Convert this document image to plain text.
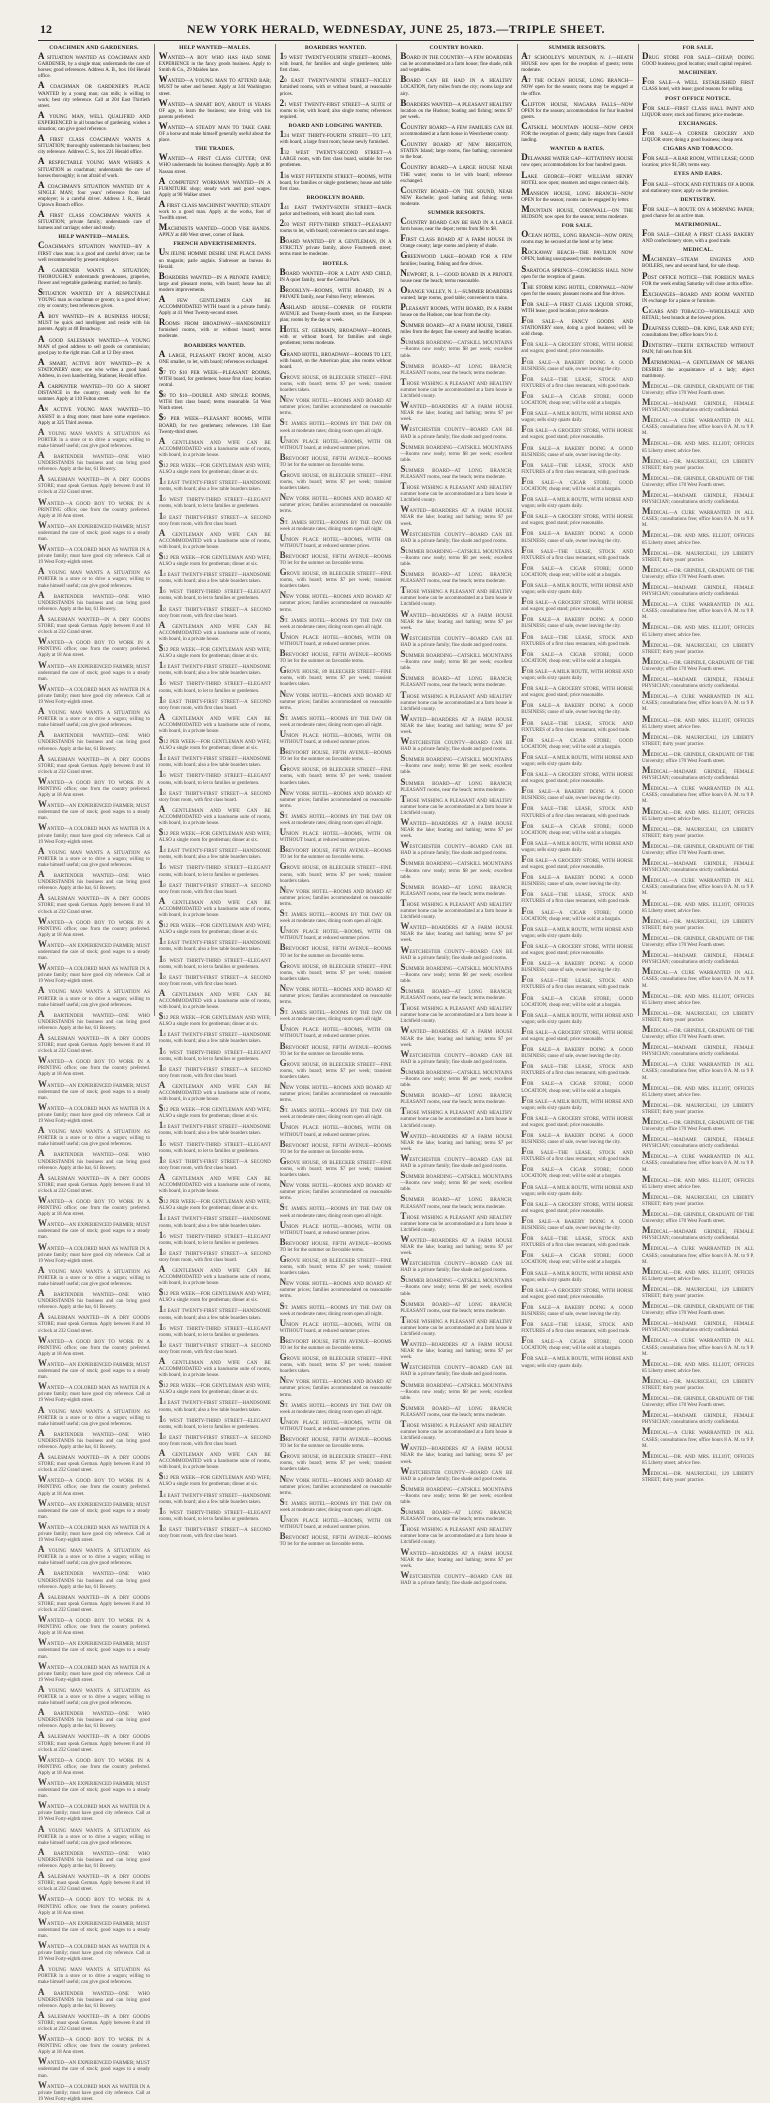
12	NEW YORK HERALD, WEDNESDAY, JUNE 25, 1873.—TRIPLE SHEET.
COACHMEN AND GARDENERS.
A SITUATION WANTED AS COACHMAN AND GARDENER, by a single man; understands the care of horses; good references. Address A. B., box 104 Herald office.
A COACHMAN OR GARDENER'S PLACE WANTED by a young man; can milk; is willing to work; best city reference. Call at 204 East Thirtieth street.
A YOUNG MAN, WELL QUALIFIED AND EXPERIENCED in all branches of gardening, wishes a situation; can give good reference.
A FIRST CLASS COACHMAN WANTS A SITUATION; thoroughly understands his business; best city reference. Address C. S., box 221 Herald office.
A RESPECTABLE YOUNG MAN WISHES A SITUATION as coachman; understands the care of horses thoroughly; is not afraid of work.
A COACHMAN'S SITUATION WANTED BY A SINGLE MAN; four years' reference from last employer; is a careful driver. Address J. R., Herald Uptown Branch office.
A FIRST CLASS COACHMAN WANTS A SITUATION; private family; understands care of harness and carriage; sober and steady.
HELP WANTED—MALES.
COACHMAN'S SITUATION WANTED—BY A FIRST class man; is a good and careful driver; can be well recommended by present employer.
A GARDENER WANTS A SITUATION; THOROUGHLY understands greenhouses, graperies, flower and vegetable gardening; married; no family.
SITUATION WANTED BY A RESPECTABLE YOUNG man as coachman or groom; is a good driver; city or country; best references given.
A BOY WANTED—IN A BUSINESS HOUSE; MUST be quick and intelligent and reside with his parents. Apply at 40 Broadway.
A GOOD SALESMAN WANTED—A YOUNG MAN of good address to sell goods on commission; good pay to the right man. Call at 12 Dey street.
A SMART, ACTIVE BOY WANTED—IN A STATIONERY store; one who writes a good hand. Address, in own handwriting, Stationer, Herald office.
A CARPENTER WANTED—TO GO A SHORT DISTANCE in the country; steady work for the summer. Apply at 110 Fulton street.
AN ACTIVE YOUNG MAN WANTED—TO ASSIST in a drug store; must have some experience. Apply at 325 Third avenue.

A YOUNG MAN WANTS A SITUATION AS PORTER in a store or to drive a wagon; willing to make himself useful; can give good references.

A BARTENDER WANTED—ONE WHO UNDERSTANDS his business and can bring good reference. Apply at the bar, 61 Bowery.

A SALESMAN WANTED—IN A DRY GOODS STORE; must speak German. Apply between 8 and 10 o'clock at 232 Grand street.

WANTED—A GOOD BOY TO WORK IN A PRINTING office; one from the country preferred. Apply at 18 Ann street.

WANTED—AN EXPERIENCED FARMER; MUST understand the care of stock; good wages to a steady man.

WANTED—A COLORED MAN AS WAITER IN A private family; must have good city reference. Call at 19 West Forty-eighth street.

A YOUNG MAN WANTS A SITUATION AS PORTER in a store or to drive a wagon; willing to make himself useful; can give good references.

A BARTENDER WANTED—ONE WHO UNDERSTANDS his business and can bring good reference. Apply at the bar, 61 Bowery.

A SALESMAN WANTED—IN A DRY GOODS STORE; must speak German. Apply between 8 and 10 o'clock at 232 Grand street.

WANTED—A GOOD BOY TO WORK IN A PRINTING office; one from the country preferred. Apply at 18 Ann street.

WANTED—AN EXPERIENCED FARMER; MUST understand the care of stock; good wages to a steady man.

WANTED—A COLORED MAN AS WAITER IN A private family; must have good city reference. Call at 19 West Forty-eighth street.

A YOUNG MAN WANTS A SITUATION AS PORTER in a store or to drive a wagon; willing to make himself useful; can give good references.

A BARTENDER WANTED—ONE WHO UNDERSTANDS his business and can bring good reference. Apply at the bar, 61 Bowery.

A SALESMAN WANTED—IN A DRY GOODS STORE; must speak German. Apply between 8 and 10 o'clock at 232 Grand street.

WANTED—A GOOD BOY TO WORK IN A PRINTING office; one from the country preferred. Apply at 18 Ann street.

WANTED—AN EXPERIENCED FARMER; MUST understand the care of stock; good wages to a steady man.

WANTED—A COLORED MAN AS WAITER IN A private family; must have good city reference. Call at 19 West Forty-eighth street.

A YOUNG MAN WANTS A SITUATION AS PORTER in a store or to drive a wagon; willing to make himself useful; can give good references.

A BARTENDER WANTED—ONE WHO UNDERSTANDS his business and can bring good reference. Apply at the bar, 61 Bowery.

A SALESMAN WANTED—IN A DRY GOODS STORE; must speak German. Apply between 8 and 10 o'clock at 232 Grand street.

WANTED—A GOOD BOY TO WORK IN A PRINTING office; one from the country preferred. Apply at 18 Ann street.

WANTED—AN EXPERIENCED FARMER; MUST understand the care of stock; good wages to a steady man.

WANTED—A COLORED MAN AS WAITER IN A private family; must have good city reference. Call at 19 West Forty-eighth street.

A YOUNG MAN WANTS A SITUATION AS PORTER in a store or to drive a wagon; willing to make himself useful; can give good references.

A BARTENDER WANTED—ONE WHO UNDERSTANDS his business and can bring good reference. Apply at the bar, 61 Bowery.

A SALESMAN WANTED—IN A DRY GOODS STORE; must speak German. Apply between 8 and 10 o'clock at 232 Grand street.

WANTED—A GOOD BOY TO WORK IN A PRINTING office; one from the country preferred. Apply at 18 Ann street.

WANTED—AN EXPERIENCED FARMER; MUST understand the care of stock; good wages to a steady man.

WANTED—A COLORED MAN AS WAITER IN A private family; must have good city reference. Call at 19 West Forty-eighth street.

A YOUNG MAN WANTS A SITUATION AS PORTER in a store or to drive a wagon; willing to make himself useful; can give good references.

A BARTENDER WANTED—ONE WHO UNDERSTANDS his business and can bring good reference. Apply at the bar, 61 Bowery.

A SALESMAN WANTED—IN A DRY GOODS STORE; must speak German. Apply between 8 and 10 o'clock at 232 Grand street.

WANTED—A GOOD BOY TO WORK IN A PRINTING office; one from the country preferred. Apply at 18 Ann street.

WANTED—AN EXPERIENCED FARMER; MUST understand the care of stock; good wages to a steady man.

WANTED—A COLORED MAN AS WAITER IN A private family; must have good city reference. Call at 19 West Forty-eighth street.

A YOUNG MAN WANTS A SITUATION AS PORTER in a store or to drive a wagon; willing to make himself useful; can give good references.

A BARTENDER WANTED—ONE WHO UNDERSTANDS his business and can bring good reference. Apply at the bar, 61 Bowery.

A SALESMAN WANTED—IN A DRY GOODS STORE; must speak German. Apply between 8 and 10 o'clock at 232 Grand street.

WANTED—A GOOD BOY TO WORK IN A PRINTING office; one from the country preferred. Apply at 18 Ann street.

WANTED—AN EXPERIENCED FARMER; MUST understand the care of stock; good wages to a steady man.

WANTED—A COLORED MAN AS WAITER IN A private family; must have good city reference. Call at 19 West Forty-eighth street.

A YOUNG MAN WANTS A SITUATION AS PORTER in a store or to drive a wagon; willing to make himself useful; can give good references.

A BARTENDER WANTED—ONE WHO UNDERSTANDS his business and can bring good reference. Apply at the bar, 61 Bowery.

A SALESMAN WANTED—IN A DRY GOODS STORE; must speak German. Apply between 8 and 10 o'clock at 232 Grand street.

WANTED—A GOOD BOY TO WORK IN A PRINTING office; one from the country preferred. Apply at 18 Ann street.

WANTED—AN EXPERIENCED FARMER; MUST understand the care of stock; good wages to a steady man.

WANTED—A COLORED MAN AS WAITER IN A private family; must have good city reference. Call at 19 West Forty-eighth street.

A YOUNG MAN WANTS A SITUATION AS PORTER in a store or to drive a wagon; willing to make himself useful; can give good references.

A BARTENDER WANTED—ONE WHO UNDERSTANDS his business and can bring good reference. Apply at the bar, 61 Bowery.

A SALESMAN WANTED—IN A DRY GOODS STORE; must speak German. Apply between 8 and 10 o'clock at 232 Grand street.

WANTED—A GOOD BOY TO WORK IN A PRINTING office; one from the country preferred. Apply at 18 Ann street.

WANTED—AN EXPERIENCED FARMER; MUST understand the care of stock; good wages to a steady man.

WANTED—A COLORED MAN AS WAITER IN A private family; must have good city reference. Call at 19 West Forty-eighth street.

A YOUNG MAN WANTS A SITUATION AS PORTER in a store or to drive a wagon; willing to make himself useful; can give good references.

A BARTENDER WANTED—ONE WHO UNDERSTANDS his business and can bring good reference. Apply at the bar, 61 Bowery.

A SALESMAN WANTED—IN A DRY GOODS STORE; must speak German. Apply between 8 and 10 o'clock at 232 Grand street.

WANTED—A GOOD BOY TO WORK IN A PRINTING office; one from the country preferred. Apply at 18 Ann street.

WANTED—AN EXPERIENCED FARMER; MUST understand the care of stock; good wages to a steady man.

WANTED—A COLORED MAN AS WAITER IN A private family; must have good city reference. Call at 19 West Forty-eighth street.

A YOUNG MAN WANTS A SITUATION AS PORTER in a store or to drive a wagon; willing to make himself useful; can give good references.

A BARTENDER WANTED—ONE WHO UNDERSTANDS his business and can bring good reference. Apply at the bar, 61 Bowery.

A SALESMAN WANTED—IN A DRY GOODS STORE; must speak German. Apply between 8 and 10 o'clock at 232 Grand street.

WANTED—A GOOD BOY TO WORK IN A PRINTING office; one from the country preferred. Apply at 18 Ann street.

WANTED—AN EXPERIENCED FARMER; MUST understand the care of stock; good wages to a steady man.

WANTED—A COLORED MAN AS WAITER IN A private family; must have good city reference. Call at 19 West Forty-eighth street.

A YOUNG MAN WANTS A SITUATION AS PORTER in a store or to drive a wagon; willing to make himself useful; can give good references.

A BARTENDER WANTED—ONE WHO UNDERSTANDS his business and can bring good reference. Apply at the bar, 61 Bowery.

A SALESMAN WANTED—IN A DRY GOODS STORE; must speak German. Apply between 8 and 10 o'clock at 232 Grand street.

WANTED—A GOOD BOY TO WORK IN A PRINTING office; one from the country preferred. Apply at 18 Ann street.

WANTED—AN EXPERIENCED FARMER; MUST understand the care of stock; good wages to a steady man.

WANTED—A COLORED MAN AS WAITER IN A private family; must have good city reference. Call at 19 West Forty-eighth street.

HELP WANTED—MALES.
WANTED—A BOY WHO HAS HAD SOME EXPERIENCE in the fancy goods business. Apply to Smith & Co., 29 Maiden lane.
WANTED—A YOUNG MAN TO ATTEND BAR; MUST be sober and honest. Apply at 344 Washington street.
WANTED—A SMART BOY, ABOUT 16 YEARS OF age, to learn the business; one living with his parents preferred.
WANTED—A STEADY MAN TO TAKE CARE OF a horse and make himself generally useful about the place.
THE TRADES.
WANTED—A FIRST CLASS CUTTER; ONE WHO understands his business thoroughly. Apply at 86 Nassau street.
A COMPETENT WORKMAN WANTED—IN A FURNITURE shop; steady work and good wages. Apply at 90 Walker street.
A FIRST CLASS MACHINIST WANTED; STEADY work to a good man. Apply at the works, foot of Twelfth street.
MACHINISTS WANTED—GOOD VISE HANDS. APPLY at 480 West street, corner of Bank.
FRENCH ADVERTISEMENTS.
UN JEUNE HOMME DESIRE UNE PLACE DANS un magasin; parle anglais. S'adresser au bureau du Herald.
BOARDERS WANTED—IN A PRIVATE FAMILY; large and pleasant rooms, with board; house has all modern improvements.
A FEW GENTLEMEN CAN BE ACCOMMODATED WITH board in a private family. Apply at 41 West Twenty-second street.
ROOMS FROM BROADWAY—HANDSOMELY furnished rooms, with or without board; terms moderate.
BOARDERS WANTED.
A LARGE, PLEASANT FRONT ROOM, ALSO ONE smaller, to let, with board; references exchanged.
$7 TO $10 PER WEEK—PLEASANT ROOMS, WITH board, for gentlemen; house first class; location central.
$8 TO $10—DOUBLE AND SINGLE ROOMS, WITH first class board; terms reasonable. 54 West Ninth street.
$9 PER WEEK—PLEASANT ROOMS, WITH BOARD, for two gentlemen; references. 118 East Twenty-third street.

A GENTLEMAN AND WIFE CAN BE ACCOMMODATED with a handsome suite of rooms, with board, in a private house.

$12 PER WEEK—FOR GENTLEMAN AND WIFE; ALSO a single room for gentleman; dinner at six.

14 EAST TWENTY-FIRST STREET—HANDSOME rooms, with board; also a few table boarders taken.

16 WEST THIRTY-THIRD STREET—ELEGANT rooms, with board, to let to families or gentlemen.

18 EAST THIRTY-FIRST STREET—A SECOND story front room, with first class board.

A GENTLEMAN AND WIFE CAN BE ACCOMMODATED with a handsome suite of rooms, with board, in a private house.

$12 PER WEEK—FOR GENTLEMAN AND WIFE; ALSO a single room for gentleman; dinner at six.

14 EAST TWENTY-FIRST STREET—HANDSOME rooms, with board; also a few table boarders taken.

16 WEST THIRTY-THIRD STREET—ELEGANT rooms, with board, to let to families or gentlemen.

18 EAST THIRTY-FIRST STREET—A SECOND story front room, with first class board.

A GENTLEMAN AND WIFE CAN BE ACCOMMODATED with a handsome suite of rooms, with board, in a private house.

$12 PER WEEK—FOR GENTLEMAN AND WIFE; ALSO a single room for gentleman; dinner at six.

14 EAST TWENTY-FIRST STREET—HANDSOME rooms, with board; also a few table boarders taken.

16 WEST THIRTY-THIRD STREET—ELEGANT rooms, with board, to let to families or gentlemen.

18 EAST THIRTY-FIRST STREET—A SECOND story front room, with first class board.

A GENTLEMAN AND WIFE CAN BE ACCOMMODATED with a handsome suite of rooms, with board, in a private house.

$12 PER WEEK—FOR GENTLEMAN AND WIFE; ALSO a single room for gentleman; dinner at six.

14 EAST TWENTY-FIRST STREET—HANDSOME rooms, with board; also a few table boarders taken.

16 WEST THIRTY-THIRD STREET—ELEGANT rooms, with board, to let to families or gentlemen.

18 EAST THIRTY-FIRST STREET—A SECOND story front room, with first class board.

A GENTLEMAN AND WIFE CAN BE ACCOMMODATED with a handsome suite of rooms, with board, in a private house.

$12 PER WEEK—FOR GENTLEMAN AND WIFE; ALSO a single room for gentleman; dinner at six.

14 EAST TWENTY-FIRST STREET—HANDSOME rooms, with board; also a few table boarders taken.

16 WEST THIRTY-THIRD STREET—ELEGANT rooms, with board, to let to families or gentlemen.

18 EAST THIRTY-FIRST STREET—A SECOND story front room, with first class board.

A GENTLEMAN AND WIFE CAN BE ACCOMMODATED with a handsome suite of rooms, with board, in a private house.

$12 PER WEEK—FOR GENTLEMAN AND WIFE; ALSO a single room for gentleman; dinner at six.

14 EAST TWENTY-FIRST STREET—HANDSOME rooms, with board; also a few table boarders taken.

16 WEST THIRTY-THIRD STREET—ELEGANT rooms, with board, to let to families or gentlemen.

18 EAST THIRTY-FIRST STREET—A SECOND story front room, with first class board.

A GENTLEMAN AND WIFE CAN BE ACCOMMODATED with a handsome suite of rooms, with board, in a private house.

$12 PER WEEK—FOR GENTLEMAN AND WIFE; ALSO a single room for gentleman; dinner at six.

14 EAST TWENTY-FIRST STREET—HANDSOME rooms, with board; also a few table boarders taken.

16 WEST THIRTY-THIRD STREET—ELEGANT rooms, with board, to let to families or gentlemen.

18 EAST THIRTY-FIRST STREET—A SECOND story front room, with first class board.

A GENTLEMAN AND WIFE CAN BE ACCOMMODATED with a handsome suite of rooms, with board, in a private house.

$12 PER WEEK—FOR GENTLEMAN AND WIFE; ALSO a single room for gentleman; dinner at six.

14 EAST TWENTY-FIRST STREET—HANDSOME rooms, with board; also a few table boarders taken.

16 WEST THIRTY-THIRD STREET—ELEGANT rooms, with board, to let to families or gentlemen.

18 EAST THIRTY-FIRST STREET—A SECOND story front room, with first class board.

A GENTLEMAN AND WIFE CAN BE ACCOMMODATED with a handsome suite of rooms, with board, in a private house.

$12 PER WEEK—FOR GENTLEMAN AND WIFE; ALSO a single room for gentleman; dinner at six.

14 EAST TWENTY-FIRST STREET—HANDSOME rooms, with board; also a few table boarders taken.

16 WEST THIRTY-THIRD STREET—ELEGANT rooms, with board, to let to families or gentlemen.

18 EAST THIRTY-FIRST STREET—A SECOND story front room, with first class board.

A GENTLEMAN AND WIFE CAN BE ACCOMMODATED with a handsome suite of rooms, with board, in a private house.

$12 PER WEEK—FOR GENTLEMAN AND WIFE; ALSO a single room for gentleman; dinner at six.

14 EAST TWENTY-FIRST STREET—HANDSOME rooms, with board; also a few table boarders taken.

16 WEST THIRTY-THIRD STREET—ELEGANT rooms, with board, to let to families or gentlemen.

18 EAST THIRTY-FIRST STREET—A SECOND story front room, with first class board.

A GENTLEMAN AND WIFE CAN BE ACCOMMODATED with a handsome suite of rooms, with board, in a private house.

$12 PER WEEK—FOR GENTLEMAN AND WIFE; ALSO a single room for gentleman; dinner at six.

14 EAST TWENTY-FIRST STREET—HANDSOME rooms, with board; also a few table boarders taken.

16 WEST THIRTY-THIRD STREET—ELEGANT rooms, with board, to let to families or gentlemen.

18 EAST THIRTY-FIRST STREET—A SECOND story front room, with first class board.

A GENTLEMAN AND WIFE CAN BE ACCOMMODATED with a handsome suite of rooms, with board, in a private house.

$12 PER WEEK—FOR GENTLEMAN AND WIFE; ALSO a single room for gentleman; dinner at six.

14 EAST TWENTY-FIRST STREET—HANDSOME rooms, with board; also a few table boarders taken.

16 WEST THIRTY-THIRD STREET—ELEGANT rooms, with board, to let to families or gentlemen.

18 EAST THIRTY-FIRST STREET—A SECOND story front room, with first class board.

BOARDERS WANTED.
19 WEST TWENTY-FOURTH STREET—ROOMS, with board, for families and single gentlemen; table first class.
20 EAST TWENTY-NINTH STREET—NICELY furnished rooms, with or without board, at reasonable prices.
21 WEST TWENTY-FIRST STREET—A SUITE of rooms to let, with board; also single rooms; references required.
BOARD AND LODGING WANTED.
124 WEST THIRTY-FOURTH STREET—TO LET, with board, a large front room; house newly furnished.
132 WEST TWENTY-SECOND STREET—A LARGE room, with first class board, suitable for two gentlemen.
136 WEST FIFTEENTH STREET—ROOMS, WITH board, for families or single gentlemen; house and table first class.
BROOKLYN BOARD.
141 EAST TWENTY-SIXTH STREET—BACK parlor and bedroom, with board; also hall room.
203 WEST FIFTY-THIRD STREET—PLEASANT rooms to let, with board; convenient to cars and stages.
BOARD WANTED—BY A GENTLEMAN, IN A STRICTLY private family, above Fourteenth street; terms must be moderate.
HOTELS.
BOARD WANTED—FOR A LADY AND CHILD, IN A quiet family, near the Central Park.
BROOKLYN—ROOMS, WITH BOARD, IN A PRIVATE family, near Fulton Ferry; references.
ASHLAND HOUSE—CORNER OF FOURTH AVENUE and Twenty-fourth street, on the European plan; rooms by the day or week.
HOTEL ST. GERMAIN, BROADWAY—ROOMS, with or without board, for families and single gentlemen; terms moderate.
GRAND HOTEL, BROADWAY—ROOMS TO LET, with board, on the American plan; also rooms without board.

GROVE HOUSE, 89 BLEECKER STREET—FINE rooms, with board; terms $7 per week; transient boarders taken.

NEW YORK HOTEL—ROOMS AND BOARD AT summer prices; families accommodated on reasonable terms.

ST. JAMES HOTEL—ROOMS BY THE DAY OR week at moderate rates; dining room open all night.

UNION PLACE HOTEL—ROOMS, WITH OR WITHOUT board, at reduced summer prices.

BREVOORT HOUSE, FIFTH AVENUE—ROOMS TO let for the summer on favorable terms.

GROVE HOUSE, 89 BLEECKER STREET—FINE rooms, with board; terms $7 per week; transient boarders taken.

NEW YORK HOTEL—ROOMS AND BOARD AT summer prices; families accommodated on reasonable terms.

ST. JAMES HOTEL—ROOMS BY THE DAY OR week at moderate rates; dining room open all night.

UNION PLACE HOTEL—ROOMS, WITH OR WITHOUT board, at reduced summer prices.

BREVOORT HOUSE, FIFTH AVENUE—ROOMS TO let for the summer on favorable terms.

GROVE HOUSE, 89 BLEECKER STREET—FINE rooms, with board; terms $7 per week; transient boarders taken.

NEW YORK HOTEL—ROOMS AND BOARD AT summer prices; families accommodated on reasonable terms.

ST. JAMES HOTEL—ROOMS BY THE DAY OR week at moderate rates; dining room open all night.

UNION PLACE HOTEL—ROOMS, WITH OR WITHOUT board, at reduced summer prices.

BREVOORT HOUSE, FIFTH AVENUE—ROOMS TO let for the summer on favorable terms.

GROVE HOUSE, 89 BLEECKER STREET—FINE rooms, with board; terms $7 per week; transient boarders taken.

NEW YORK HOTEL—ROOMS AND BOARD AT summer prices; families accommodated on reasonable terms.

ST. JAMES HOTEL—ROOMS BY THE DAY OR week at moderate rates; dining room open all night.

UNION PLACE HOTEL—ROOMS, WITH OR WITHOUT board, at reduced summer prices.

BREVOORT HOUSE, FIFTH AVENUE—ROOMS TO let for the summer on favorable terms.

GROVE HOUSE, 89 BLEECKER STREET—FINE rooms, with board; terms $7 per week; transient boarders taken.

NEW YORK HOTEL—ROOMS AND BOARD AT summer prices; families accommodated on reasonable terms.

ST. JAMES HOTEL—ROOMS BY THE DAY OR week at moderate rates; dining room open all night.

UNION PLACE HOTEL—ROOMS, WITH OR WITHOUT board, at reduced summer prices.

BREVOORT HOUSE, FIFTH AVENUE—ROOMS TO let for the summer on favorable terms.

GROVE HOUSE, 89 BLEECKER STREET—FINE rooms, with board; terms $7 per week; transient boarders taken.

NEW YORK HOTEL—ROOMS AND BOARD AT summer prices; families accommodated on reasonable terms.

ST. JAMES HOTEL—ROOMS BY THE DAY OR week at moderate rates; dining room open all night.

UNION PLACE HOTEL—ROOMS, WITH OR WITHOUT board, at reduced summer prices.

BREVOORT HOUSE, FIFTH AVENUE—ROOMS TO let for the summer on favorable terms.

GROVE HOUSE, 89 BLEECKER STREET—FINE rooms, with board; terms $7 per week; transient boarders taken.

NEW YORK HOTEL—ROOMS AND BOARD AT summer prices; families accommodated on reasonable terms.

ST. JAMES HOTEL—ROOMS BY THE DAY OR week at moderate rates; dining room open all night.

UNION PLACE HOTEL—ROOMS, WITH OR WITHOUT board, at reduced summer prices.

BREVOORT HOUSE, FIFTH AVENUE—ROOMS TO let for the summer on favorable terms.

GROVE HOUSE, 89 BLEECKER STREET—FINE rooms, with board; terms $7 per week; transient boarders taken.

NEW YORK HOTEL—ROOMS AND BOARD AT summer prices; families accommodated on reasonable terms.

ST. JAMES HOTEL—ROOMS BY THE DAY OR week at moderate rates; dining room open all night.

UNION PLACE HOTEL—ROOMS, WITH OR WITHOUT board, at reduced summer prices.

BREVOORT HOUSE, FIFTH AVENUE—ROOMS TO let for the summer on favorable terms.

GROVE HOUSE, 89 BLEECKER STREET—FINE rooms, with board; terms $7 per week; transient boarders taken.

NEW YORK HOTEL—ROOMS AND BOARD AT summer prices; families accommodated on reasonable terms.

ST. JAMES HOTEL—ROOMS BY THE DAY OR week at moderate rates; dining room open all night.

UNION PLACE HOTEL—ROOMS, WITH OR WITHOUT board, at reduced summer prices.

BREVOORT HOUSE, FIFTH AVENUE—ROOMS TO let for the summer on favorable terms.

GROVE HOUSE, 89 BLEECKER STREET—FINE rooms, with board; terms $7 per week; transient boarders taken.

NEW YORK HOTEL—ROOMS AND BOARD AT summer prices; families accommodated on reasonable terms.

ST. JAMES HOTEL—ROOMS BY THE DAY OR week at moderate rates; dining room open all night.

UNION PLACE HOTEL—ROOMS, WITH OR WITHOUT board, at reduced summer prices.

BREVOORT HOUSE, FIFTH AVENUE—ROOMS TO let for the summer on favorable terms.

GROVE HOUSE, 89 BLEECKER STREET—FINE rooms, with board; terms $7 per week; transient boarders taken.

NEW YORK HOTEL—ROOMS AND BOARD AT summer prices; families accommodated on reasonable terms.

ST. JAMES HOTEL—ROOMS BY THE DAY OR week at moderate rates; dining room open all night.

UNION PLACE HOTEL—ROOMS, WITH OR WITHOUT board, at reduced summer prices.

BREVOORT HOUSE, FIFTH AVENUE—ROOMS TO let for the summer on favorable terms.

GROVE HOUSE, 89 BLEECKER STREET—FINE rooms, with board; terms $7 per week; transient boarders taken.

NEW YORK HOTEL—ROOMS AND BOARD AT summer prices; families accommodated on reasonable terms.

ST. JAMES HOTEL—ROOMS BY THE DAY OR week at moderate rates; dining room open all night.

UNION PLACE HOTEL—ROOMS, WITH OR WITHOUT board, at reduced summer prices.

BREVOORT HOUSE, FIFTH AVENUE—ROOMS TO let for the summer on favorable terms.

COUNTRY BOARD.
BOARD IN THE COUNTRY—A FEW BOARDERS can be accommodated at a farm house; fine shade, milk and vegetables.
BOARD CAN BE HAD IN A HEALTHY LOCATION, forty miles from the city; rooms large and airy.
BOARDERS WANTED—A PLEASANT HEALTHY location on the Hudson; boating and fishing; terms $7 per week.
COUNTRY BOARD—A FEW FAMILIES CAN BE accommodated at a farm house in Westchester county.
COUNTRY BOARD AT NEW BRIGHTON, STATEN Island; large rooms, fine bathing; convenient to the boat.
COUNTRY BOARD—A LARGE HOUSE NEAR THE water; rooms to let with board; reference exchanged.
COUNTRY BOARD—ON THE SOUND, NEAR NEW Rochelle; good bathing and fishing; terms moderate.
SUMMER RESORTS.
COUNTRY BOARD CAN BE HAD IN A LARGE farm house, near the depot; terms from $6 to $8.
FIRST CLASS BOARD AT A FARM HOUSE IN Orange county; large rooms and plenty of shade.
GREENWOOD LAKE—BOARD FOR A FEW families; boating, fishing and fine drives.
NEWPORT, R. I.—GOOD BOARD IN A PRIVATE house near the beach; terms reasonable.
ORANGE VALLEY, N. J.—SUMMER BOARDERS wanted; large rooms, good table; convenient to trains.
PLEASANT ROOMS, WITH BOARD, IN A FARM house on the Hudson; one hour from the city.
SUMMER BOARD—AT A FARM HOUSE, THREE miles from the depot; fine scenery and healthy location.

SUMMER BOARDING—CATSKILL MOUNTAINS—Rooms now ready; terms $8 per week; excellent table.

SUMMER BOARD—AT LONG BRANCH; PLEASANT rooms, near the beach; terms moderate.

THOSE WISHING A PLEASANT AND HEALTHY summer home can be accommodated at a farm house in Litchfield county.

WANTED—BOARDERS AT A FARM HOUSE NEAR the lake; boating and bathing; terms $7 per week.

WESTCHESTER COUNTY—BOARD CAN BE HAD in a private family; fine shade and good rooms.

SUMMER BOARDING—CATSKILL MOUNTAINS—Rooms now ready; terms $8 per week; excellent table.

SUMMER BOARD—AT LONG BRANCH; PLEASANT rooms, near the beach; terms moderate.

THOSE WISHING A PLEASANT AND HEALTHY summer home can be accommodated at a farm house in Litchfield county.

WANTED—BOARDERS AT A FARM HOUSE NEAR the lake; boating and bathing; terms $7 per week.

WESTCHESTER COUNTY—BOARD CAN BE HAD in a private family; fine shade and good rooms.

SUMMER BOARDING—CATSKILL MOUNTAINS—Rooms now ready; terms $8 per week; excellent table.

SUMMER BOARD—AT LONG BRANCH; PLEASANT rooms, near the beach; terms moderate.

THOSE WISHING A PLEASANT AND HEALTHY summer home can be accommodated at a farm house in Litchfield county.

WANTED—BOARDERS AT A FARM HOUSE NEAR the lake; boating and bathing; terms $7 per week.

WESTCHESTER COUNTY—BOARD CAN BE HAD in a private family; fine shade and good rooms.

SUMMER BOARDING—CATSKILL MOUNTAINS—Rooms now ready; terms $8 per week; excellent table.

SUMMER BOARD—AT LONG BRANCH; PLEASANT rooms, near the beach; terms moderate.

THOSE WISHING A PLEASANT AND HEALTHY summer home can be accommodated at a farm house in Litchfield county.

WANTED—BOARDERS AT A FARM HOUSE NEAR the lake; boating and bathing; terms $7 per week.

WESTCHESTER COUNTY—BOARD CAN BE HAD in a private family; fine shade and good rooms.

SUMMER BOARDING—CATSKILL MOUNTAINS—Rooms now ready; terms $8 per week; excellent table.

SUMMER BOARD—AT LONG BRANCH; PLEASANT rooms, near the beach; terms moderate.

THOSE WISHING A PLEASANT AND HEALTHY summer home can be accommodated at a farm house in Litchfield county.

WANTED—BOARDERS AT A FARM HOUSE NEAR the lake; boating and bathing; terms $7 per week.

WESTCHESTER COUNTY—BOARD CAN BE HAD in a private family; fine shade and good rooms.

SUMMER BOARDING—CATSKILL MOUNTAINS—Rooms now ready; terms $8 per week; excellent table.

SUMMER BOARD—AT LONG BRANCH; PLEASANT rooms, near the beach; terms moderate.

THOSE WISHING A PLEASANT AND HEALTHY summer home can be accommodated at a farm house in Litchfield county.

WANTED—BOARDERS AT A FARM HOUSE NEAR the lake; boating and bathing; terms $7 per week.

WESTCHESTER COUNTY—BOARD CAN BE HAD in a private family; fine shade and good rooms.

SUMMER BOARDING—CATSKILL MOUNTAINS—Rooms now ready; terms $8 per week; excellent table.

SUMMER BOARD—AT LONG BRANCH; PLEASANT rooms, near the beach; terms moderate.

THOSE WISHING A PLEASANT AND HEALTHY summer home can be accommodated at a farm house in Litchfield county.

WANTED—BOARDERS AT A FARM HOUSE NEAR the lake; boating and bathing; terms $7 per week.

WESTCHESTER COUNTY—BOARD CAN BE HAD in a private family; fine shade and good rooms.

SUMMER BOARDING—CATSKILL MOUNTAINS—Rooms now ready; terms $8 per week; excellent table.

SUMMER BOARD—AT LONG BRANCH; PLEASANT rooms, near the beach; terms moderate.

THOSE WISHING A PLEASANT AND HEALTHY summer home can be accommodated at a farm house in Litchfield county.

WANTED—BOARDERS AT A FARM HOUSE NEAR the lake; boating and bathing; terms $7 per week.

WESTCHESTER COUNTY—BOARD CAN BE HAD in a private family; fine shade and good rooms.

SUMMER BOARDING—CATSKILL MOUNTAINS—Rooms now ready; terms $8 per week; excellent table.

SUMMER BOARD—AT LONG BRANCH; PLEASANT rooms, near the beach; terms moderate.

THOSE WISHING A PLEASANT AND HEALTHY summer home can be accommodated at a farm house in Litchfield county.

WANTED—BOARDERS AT A FARM HOUSE NEAR the lake; boating and bathing; terms $7 per week.

WESTCHESTER COUNTY—BOARD CAN BE HAD in a private family; fine shade and good rooms.

SUMMER BOARDING—CATSKILL MOUNTAINS—Rooms now ready; terms $8 per week; excellent table.

SUMMER BOARD—AT LONG BRANCH; PLEASANT rooms, near the beach; terms moderate.

THOSE WISHING A PLEASANT AND HEALTHY summer home can be accommodated at a farm house in Litchfield county.

WANTED—BOARDERS AT A FARM HOUSE NEAR the lake; boating and bathing; terms $7 per week.

WESTCHESTER COUNTY—BOARD CAN BE HAD in a private family; fine shade and good rooms.

SUMMER BOARDING—CATSKILL MOUNTAINS—Rooms now ready; terms $8 per week; excellent table.

SUMMER BOARD—AT LONG BRANCH; PLEASANT rooms, near the beach; terms moderate.

THOSE WISHING A PLEASANT AND HEALTHY summer home can be accommodated at a farm house in Litchfield county.

WANTED—BOARDERS AT A FARM HOUSE NEAR the lake; boating and bathing; terms $7 per week.

WESTCHESTER COUNTY—BOARD CAN BE HAD in a private family; fine shade and good rooms.

SUMMER BOARDING—CATSKILL MOUNTAINS—Rooms now ready; terms $8 per week; excellent table.

SUMMER BOARD—AT LONG BRANCH; PLEASANT rooms, near the beach; terms moderate.

THOSE WISHING A PLEASANT AND HEALTHY summer home can be accommodated at a farm house in Litchfield county.

WANTED—BOARDERS AT A FARM HOUSE NEAR the lake; boating and bathing; terms $7 per week.

WESTCHESTER COUNTY—BOARD CAN BE HAD in a private family; fine shade and good rooms.

SUMMER RESORTS.
AT SCHOOLEY'S MOUNTAIN, N. J.—HEATH HOUSE now open for the reception of guests; terms moderate.
AT THE OCEAN HOUSE, LONG BRANCH—NOW open for the season; rooms may be engaged at the office.
CLIFTON HOUSE, NIAGARA FALLS—NOW OPEN for the season; accommodation for four hundred guests.
CATSKILL MOUNTAIN HOUSE—NOW OPEN FOR the reception of guests; daily stages from Catskill landing.
WANTED & RATES.
DELAWARE WATER GAP—KITTATINNY HOUSE now open; accommodations for four hundred guests.
LAKE GEORGE—FORT WILLIAM HENRY HOTEL now open; steamers and stages connect daily.
MANSION HOUSE, LONG BRANCH—NOW OPEN for the season; rooms can be engaged by letter.
MOUNTAIN HOUSE, CORNWALL—ON THE HUDSON; now open for the season; terms moderate.
FOR SALE.
OCEAN HOTEL, LONG BRANCH—NOW OPEN; rooms may be secured at the hotel or by letter.
ROCKAWAY BEACH—THE PAVILION NOW OPEN; bathing unsurpassed; terms moderate.
SARATOGA SPRINGS—CONGRESS HALL NOW open for the reception of guests.
THE STORM KING HOTEL, CORNWALL—NOW open for the season; pleasant rooms and fine drives.
FOR SALE—A FIRST CLASS LIQUOR STORE, WITH lease; good location; price moderate.
FOR SALE—A FANCY GOODS AND STATIONERY store, doing a good business; will be sold cheap.

FOR SALE—A GROCERY STORE, WITH HORSE and wagon; good stand; price reasonable.

FOR SALE—A BAKERY DOING A GOOD BUSINESS; cause of sale, owner leaving the city.

FOR SALE—THE LEASE, STOCK AND FIXTURES of a first class restaurant, with good trade.

FOR SALE—A CIGAR STORE; GOOD LOCATION; cheap rent; will be sold at a bargain.

FOR SALE—A MILK ROUTE, WITH HORSE AND wagon; sells sixty quarts daily.

FOR SALE—A GROCERY STORE, WITH HORSE and wagon; good stand; price reasonable.

FOR SALE—A BAKERY DOING A GOOD BUSINESS; cause of sale, owner leaving the city.

FOR SALE—THE LEASE, STOCK AND FIXTURES of a first class restaurant, with good trade.

FOR SALE—A CIGAR STORE; GOOD LOCATION; cheap rent; will be sold at a bargain.

FOR SALE—A MILK ROUTE, WITH HORSE AND wagon; sells sixty quarts daily.

FOR SALE—A GROCERY STORE, WITH HORSE and wagon; good stand; price reasonable.

FOR SALE—A BAKERY DOING A GOOD BUSINESS; cause of sale, owner leaving the city.

FOR SALE—THE LEASE, STOCK AND FIXTURES of a first class restaurant, with good trade.

FOR SALE—A CIGAR STORE; GOOD LOCATION; cheap rent; will be sold at a bargain.

FOR SALE—A MILK ROUTE, WITH HORSE AND wagon; sells sixty quarts daily.

FOR SALE—A GROCERY STORE, WITH HORSE and wagon; good stand; price reasonable.

FOR SALE—A BAKERY DOING A GOOD BUSINESS; cause of sale, owner leaving the city.

FOR SALE—THE LEASE, STOCK AND FIXTURES of a first class restaurant, with good trade.

FOR SALE—A CIGAR STORE; GOOD LOCATION; cheap rent; will be sold at a bargain.

FOR SALE—A MILK ROUTE, WITH HORSE AND wagon; sells sixty quarts daily.

FOR SALE—A GROCERY STORE, WITH HORSE and wagon; good stand; price reasonable.

FOR SALE—A BAKERY DOING A GOOD BUSINESS; cause of sale, owner leaving the city.

FOR SALE—THE LEASE, STOCK AND FIXTURES of a first class restaurant, with good trade.

FOR SALE—A CIGAR STORE; GOOD LOCATION; cheap rent; will be sold at a bargain.

FOR SALE—A MILK ROUTE, WITH HORSE AND wagon; sells sixty quarts daily.

FOR SALE—A GROCERY STORE, WITH HORSE and wagon; good stand; price reasonable.

FOR SALE—A BAKERY DOING A GOOD BUSINESS; cause of sale, owner leaving the city.

FOR SALE—THE LEASE, STOCK AND FIXTURES of a first class restaurant, with good trade.

FOR SALE—A CIGAR STORE; GOOD LOCATION; cheap rent; will be sold at a bargain.

FOR SALE—A MILK ROUTE, WITH HORSE AND wagon; sells sixty quarts daily.

FOR SALE—A GROCERY STORE, WITH HORSE and wagon; good stand; price reasonable.

FOR SALE—A BAKERY DOING A GOOD BUSINESS; cause of sale, owner leaving the city.

FOR SALE—THE LEASE, STOCK AND FIXTURES of a first class restaurant, with good trade.

FOR SALE—A CIGAR STORE; GOOD LOCATION; cheap rent; will be sold at a bargain.

FOR SALE—A MILK ROUTE, WITH HORSE AND wagon; sells sixty quarts daily.

FOR SALE—A GROCERY STORE, WITH HORSE and wagon; good stand; price reasonable.

FOR SALE—A BAKERY DOING A GOOD BUSINESS; cause of sale, owner leaving the city.

FOR SALE—THE LEASE, STOCK AND FIXTURES of a first class restaurant, with good trade.

FOR SALE—A CIGAR STORE; GOOD LOCATION; cheap rent; will be sold at a bargain.

FOR SALE—A MILK ROUTE, WITH HORSE AND wagon; sells sixty quarts daily.

FOR SALE—A GROCERY STORE, WITH HORSE and wagon; good stand; price reasonable.

FOR SALE—A BAKERY DOING A GOOD BUSINESS; cause of sale, owner leaving the city.

FOR SALE—THE LEASE, STOCK AND FIXTURES of a first class restaurant, with good trade.

FOR SALE—A CIGAR STORE; GOOD LOCATION; cheap rent; will be sold at a bargain.

FOR SALE—A MILK ROUTE, WITH HORSE AND wagon; sells sixty quarts daily.

FOR SALE—A GROCERY STORE, WITH HORSE and wagon; good stand; price reasonable.

FOR SALE—A BAKERY DOING A GOOD BUSINESS; cause of sale, owner leaving the city.

FOR SALE—THE LEASE, STOCK AND FIXTURES of a first class restaurant, with good trade.

FOR SALE—A CIGAR STORE; GOOD LOCATION; cheap rent; will be sold at a bargain.

FOR SALE—A MILK ROUTE, WITH HORSE AND wagon; sells sixty quarts daily.

FOR SALE—A GROCERY STORE, WITH HORSE and wagon; good stand; price reasonable.

FOR SALE—A BAKERY DOING A GOOD BUSINESS; cause of sale, owner leaving the city.

FOR SALE—THE LEASE, STOCK AND FIXTURES of a first class restaurant, with good trade.

FOR SALE—A CIGAR STORE; GOOD LOCATION; cheap rent; will be sold at a bargain.

FOR SALE—A MILK ROUTE, WITH HORSE AND wagon; sells sixty quarts daily.

FOR SALE—A GROCERY STORE, WITH HORSE and wagon; good stand; price reasonable.

FOR SALE—A BAKERY DOING A GOOD BUSINESS; cause of sale, owner leaving the city.

FOR SALE—THE LEASE, STOCK AND FIXTURES of a first class restaurant, with good trade.

FOR SALE—A CIGAR STORE; GOOD LOCATION; cheap rent; will be sold at a bargain.

FOR SALE—A MILK ROUTE, WITH HORSE AND wagon; sells sixty quarts daily.

FOR SALE.
DRUG STORE FOR SALE—CHEAP; DOING GOOD business; good location; small capital required.
MACHINERY.
FOR SALE—A WELL ESTABLISHED FIRST CLASS hotel, with lease; good reasons for selling.
POST OFFICE NOTICE.
FOR SALE—FIRST CLASS HALL PAINT AND LIQUOR store; stock and fixtures; price moderate.
EXCHANGES.
FOR SALE—A CORNER GROCERY AND LIQUOR store; doing a good business; cheap rent.
CIGARS AND TOBACCO.
FOR SALE—A BAR ROOM, WITH LEASE; GOOD location; price $1,500; terms easy.
EYES AND EARS.
FOR SALE—STOCK AND FIXTURES OF A BOOK and stationery store; apply on the premises.
DENTISTRY.
FOR SALE—A ROUTE ON A MORNING PAPER; good chance for an active man.
MATRIMONIAL.
FOR SALE—CHEAP, A FIRST CLASS BAKERY AND confectionery store, with a good trade.
MEDICAL.
MACHINERY—STEAM ENGINES AND BOILERS, new and second hand, for sale cheap.
POST OFFICE NOTICE—THE FOREIGN MAILS FOR the week ending Saturday will close at this office.
EXCHANGES—BOARD AND ROOM WANTED IN exchange for a piano or furniture.
CIGARS AND TOBACCO—WHOLESALE AND RETAIL; best brands at the lowest prices.
DEAFNESS CURED—DR. KING, EAR AND EYE; consultations free; office hours 9 to 4.
DENTISTRY—TEETH EXTRACTED WITHOUT PAIN; full sets from $10.
MATRIMONIAL—A GENTLEMAN OF MEANS DESIRES the acquaintance of a lady; object matrimony.

MEDICAL—DR. GRINDLE, GRADUATE OF THE University; office 170 West Fourth street.

MEDICAL—MADAME GRINDLE, FEMALE PHYSICIAN; consultations strictly confidential.

MEDICAL—A CURE WARRANTED IN ALL CASES; consultations free; office hours 8 A. M. to 9 P. M.

MEDICAL—DR. AND MRS. ELLIOT, OFFICES 85 Liberty street; advice free.

MEDICAL—DR. MAURICEAU, 129 LIBERTY STREET; thirty years' practice.

MEDICAL—DR. GRINDLE, GRADUATE OF THE University; office 170 West Fourth street.

MEDICAL—MADAME GRINDLE, FEMALE PHYSICIAN; consultations strictly confidential.

MEDICAL—A CURE WARRANTED IN ALL CASES; consultations free; office hours 8 A. M. to 9 P. M.

MEDICAL—DR. AND MRS. ELLIOT, OFFICES 85 Liberty street; advice free.

MEDICAL—DR. MAURICEAU, 129 LIBERTY STREET; thirty years' practice.

MEDICAL—DR. GRINDLE, GRADUATE OF THE University; office 170 West Fourth street.

MEDICAL—MADAME GRINDLE, FEMALE PHYSICIAN; consultations strictly confidential.

MEDICAL—A CURE WARRANTED IN ALL CASES; consultations free; office hours 8 A. M. to 9 P. M.

MEDICAL—DR. AND MRS. ELLIOT, OFFICES 85 Liberty street; advice free.

MEDICAL—DR. MAURICEAU, 129 LIBERTY STREET; thirty years' practice.

MEDICAL—DR. GRINDLE, GRADUATE OF THE University; office 170 West Fourth street.

MEDICAL—MADAME GRINDLE, FEMALE PHYSICIAN; consultations strictly confidential.

MEDICAL—A CURE WARRANTED IN ALL CASES; consultations free; office hours 8 A. M. to 9 P. M.

MEDICAL—DR. AND MRS. ELLIOT, OFFICES 85 Liberty street; advice free.

MEDICAL—DR. MAURICEAU, 129 LIBERTY STREET; thirty years' practice.

MEDICAL—DR. GRINDLE, GRADUATE OF THE University; office 170 West Fourth street.

MEDICAL—MADAME GRINDLE, FEMALE PHYSICIAN; consultations strictly confidential.

MEDICAL—A CURE WARRANTED IN ALL CASES; consultations free; office hours 8 A. M. to 9 P. M.

MEDICAL—DR. AND MRS. ELLIOT, OFFICES 85 Liberty street; advice free.

MEDICAL—DR. MAURICEAU, 129 LIBERTY STREET; thirty years' practice.

MEDICAL—DR. GRINDLE, GRADUATE OF THE University; office 170 West Fourth street.

MEDICAL—MADAME GRINDLE, FEMALE PHYSICIAN; consultations strictly confidential.

MEDICAL—A CURE WARRANTED IN ALL CASES; consultations free; office hours 8 A. M. to 9 P. M.

MEDICAL—DR. AND MRS. ELLIOT, OFFICES 85 Liberty street; advice free.

MEDICAL—DR. MAURICEAU, 129 LIBERTY STREET; thirty years' practice.

MEDICAL—DR. GRINDLE, GRADUATE OF THE University; office 170 West Fourth street.

MEDICAL—MADAME GRINDLE, FEMALE PHYSICIAN; consultations strictly confidential.

MEDICAL—A CURE WARRANTED IN ALL CASES; consultations free; office hours 8 A. M. to 9 P. M.

MEDICAL—DR. AND MRS. ELLIOT, OFFICES 85 Liberty street; advice free.

MEDICAL—DR. MAURICEAU, 129 LIBERTY STREET; thirty years' practice.

MEDICAL—DR. GRINDLE, GRADUATE OF THE University; office 170 West Fourth street.

MEDICAL—MADAME GRINDLE, FEMALE PHYSICIAN; consultations strictly confidential.

MEDICAL—A CURE WARRANTED IN ALL CASES; consultations free; office hours 8 A. M. to 9 P. M.

MEDICAL—DR. AND MRS. ELLIOT, OFFICES 85 Liberty street; advice free.

MEDICAL—DR. MAURICEAU, 129 LIBERTY STREET; thirty years' practice.

MEDICAL—DR. GRINDLE, GRADUATE OF THE University; office 170 West Fourth street.

MEDICAL—MADAME GRINDLE, FEMALE PHYSICIAN; consultations strictly confidential.

MEDICAL—A CURE WARRANTED IN ALL CASES; consultations free; office hours 8 A. M. to 9 P. M.

MEDICAL—DR. AND MRS. ELLIOT, OFFICES 85 Liberty street; advice free.

MEDICAL—DR. MAURICEAU, 129 LIBERTY STREET; thirty years' practice.

MEDICAL—DR. GRINDLE, GRADUATE OF THE University; office 170 West Fourth street.

MEDICAL—MADAME GRINDLE, FEMALE PHYSICIAN; consultations strictly confidential.

MEDICAL—A CURE WARRANTED IN ALL CASES; consultations free; office hours 8 A. M. to 9 P. M.

MEDICAL—DR. AND MRS. ELLIOT, OFFICES 85 Liberty street; advice free.

MEDICAL—DR. MAURICEAU, 129 LIBERTY STREET; thirty years' practice.

MEDICAL—DR. GRINDLE, GRADUATE OF THE University; office 170 West Fourth street.

MEDICAL—MADAME GRINDLE, FEMALE PHYSICIAN; consultations strictly confidential.

MEDICAL—A CURE WARRANTED IN ALL CASES; consultations free; office hours 8 A. M. to 9 P. M.

MEDICAL—DR. AND MRS. ELLIOT, OFFICES 85 Liberty street; advice free.

MEDICAL—DR. MAURICEAU, 129 LIBERTY STREET; thirty years' practice.

MEDICAL—DR. GRINDLE, GRADUATE OF THE University; office 170 West Fourth street.

MEDICAL—MADAME GRINDLE, FEMALE PHYSICIAN; consultations strictly confidential.

MEDICAL—A CURE WARRANTED IN ALL CASES; consultations free; office hours 8 A. M. to 9 P. M.

MEDICAL—DR. AND MRS. ELLIOT, OFFICES 85 Liberty street; advice free.

MEDICAL—DR. MAURICEAU, 129 LIBERTY STREET; thirty years' practice.
